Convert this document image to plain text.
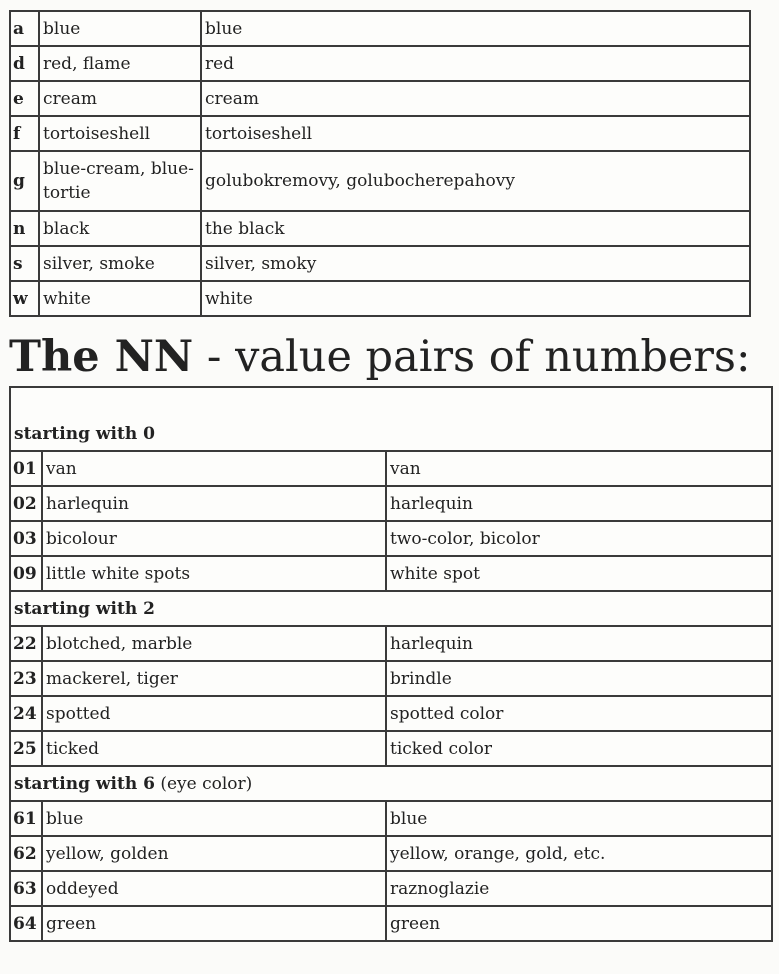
a	blue	blue
d	red, flame	red
e	cream	cream
f	tortoiseshell	tortoiseshell
g	blue-cream, blue-tortie	golubokremovy, golubocherepahovy
n	black	the black
s	silver, smoke	silver, smoky
w	white	white
The NN - value pairs of numbers:
starting with 0		
01	van	van
02	harlequin	harlequin
03	bicolour	two-color, bicolor
09	little white spots	white spot
starting with 2		
22	blotched, marble	harlequin
23	mackerel, tiger	brindle
24	spotted	spotted color
25	ticked	ticked color
starting with 6 (eye color)		
61	blue	blue
62	yellow, golden	yellow, orange, gold, etc.
63	oddeyed	raznoglazie
64	green	green
